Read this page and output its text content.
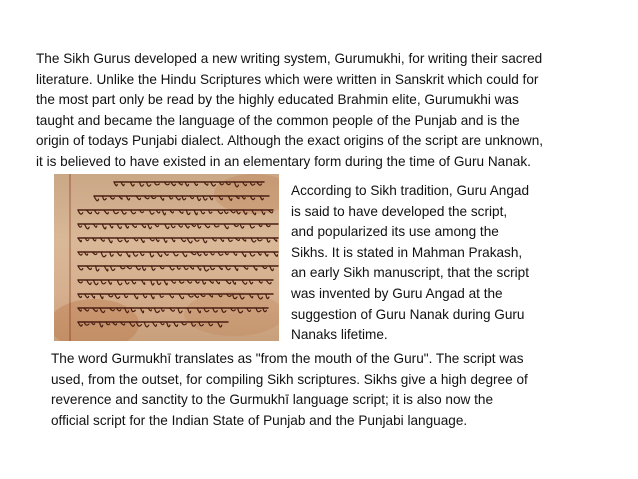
The Sikh Gurus developed a new writing system, Gurumukhi, for writing their sacred
literature. Unlike the Hindu Scriptures which were written in Sanskrit which could for
the most part only be read by the highly educated Brahmin elite, Gurumukhi was
taught and became the language of the common people of the Punjab and is the
origin of todays Punjabi dialect. Although the exact origins of the script are unknown,
it is believed to have existed in an elementary form during the time of Guru Nanak.

According to Sikh tradition, Guru Angad
is said to have developed the script,
and popularized its use among the
Sikhs. It is stated in Mahman Prakash,
an early Sikh manuscript, that the script
was invented by Guru Angad at the
suggestion of Guru Nanak during Guru
Nanaks lifetime.

The word Gurmukhī translates as "from the mouth of the Guru". The script was
used, from the outset, for compiling Sikh scriptures. Sikhs give a high degree of
reverence and sanctity to the Gurmukhī language script; it is also now the
official script for the Indian State of Punjab and the Punjabi language.
